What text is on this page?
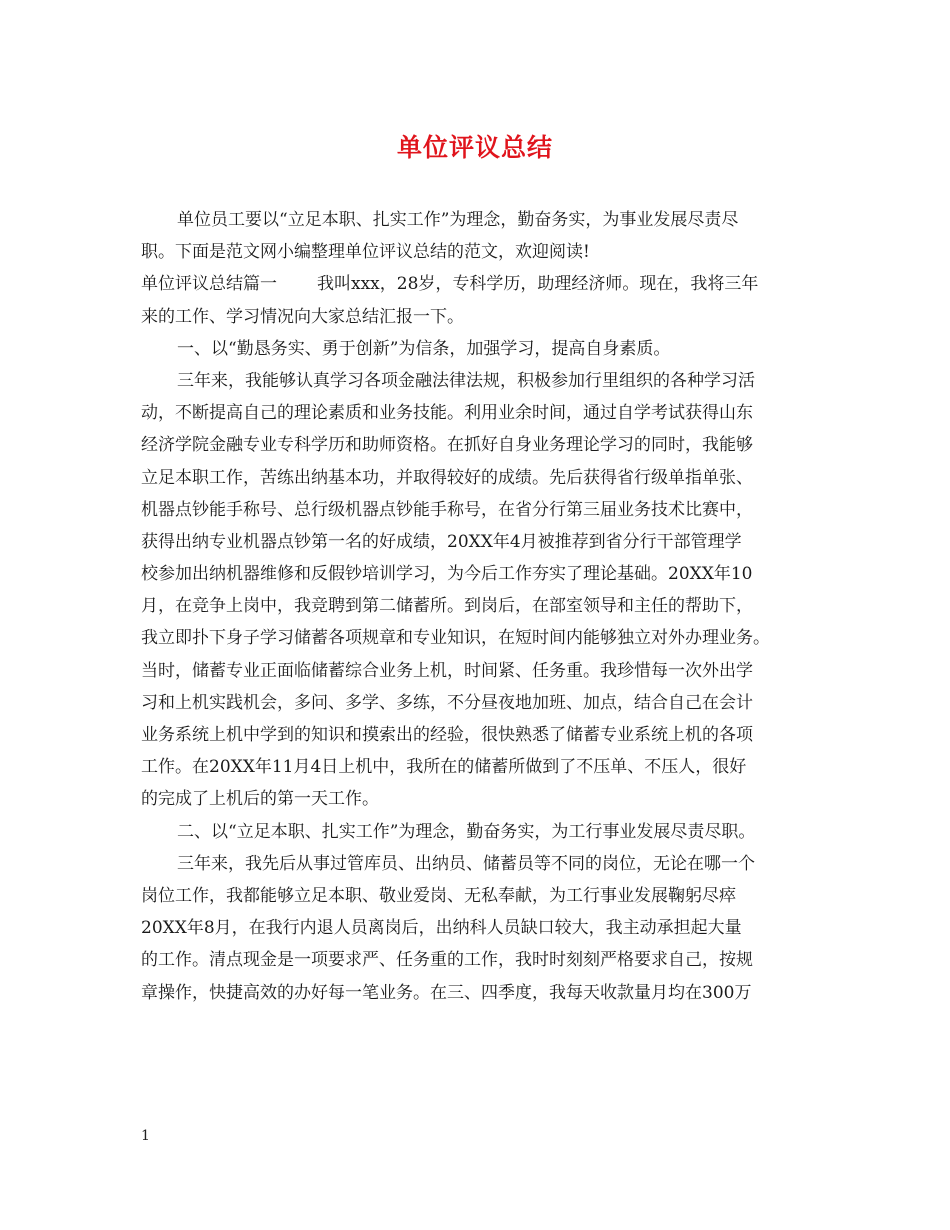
单位评议总结
单位员工要以“立足本职、扎实工作”为理念，勤奋务实，为事业发展尽责尽
职。下面是范文网小编整理单位评议总结的范文，欢迎阅读!
单位评议总结篇一 我叫xxx，28岁，专科学历，助理经济师。现在，我将三年
来的工作、学习情况向大家总结汇报一下。
一、以“勤恳务实、勇于创新”为信条，加强学习，提高自身素质。
三年来，我能够认真学习各项金融法律法规，积极参加行里组织的各种学习活
动，不断提高自己的理论素质和业务技能。利用业余时间，通过自学考试获得山东
经济学院金融专业专科学历和助师资格。在抓好自身业务理论学习的同时，我能够
立足本职工作，苦练出纳基本功，并取得较好的成绩。先后获得省行级单指单张、
机器点钞能手称号、总行级机器点钞能手称号，在省分行第三届业务技术比赛中，
获得出纳专业机器点钞第一名的好成绩，20XX年4月被推荐到省分行干部管理学
校参加出纳机器维修和反假钞培训学习，为今后工作夯实了理论基础。20XX年10
月，在竞争上岗中，我竞聘到第二储蓄所。到岗后，在部室领导和主任的帮助下，
我立即扑下身子学习储蓄各项规章和专业知识，在短时间内能够独立对外办理业务。
当时，储蓄专业正面临储蓄综合业务上机，时间紧、任务重。我珍惜每一次外出学
习和上机实践机会，多问、多学、多练，不分昼夜地加班、加点，结合自己在会计
业务系统上机中学到的知识和摸索出的经验，很快熟悉了储蓄专业系统上机的各项
工作。在20XX年11月4日上机中，我所在的储蓄所做到了不压单、不压人，很好
的完成了上机后的第一天工作。
二、以“立足本职、扎实工作”为理念，勤奋务实，为工行事业发展尽责尽职。
三年来，我先后从事过管库员、出纳员、储蓄员等不同的岗位，无论在哪一个
岗位工作，我都能够立足本职、敬业爱岗、无私奉献，为工行事业发展鞠躬尽瘁
20XX年8月，在我行内退人员离岗后，出纳科人员缺口较大，我主动承担起大量
的工作。清点现金是一项要求严、任务重的工作，我时时刻刻严格要求自己，按规
章操作，快捷高效的办好每一笔业务。在三、四季度，我每天收款量月均在300万
1
